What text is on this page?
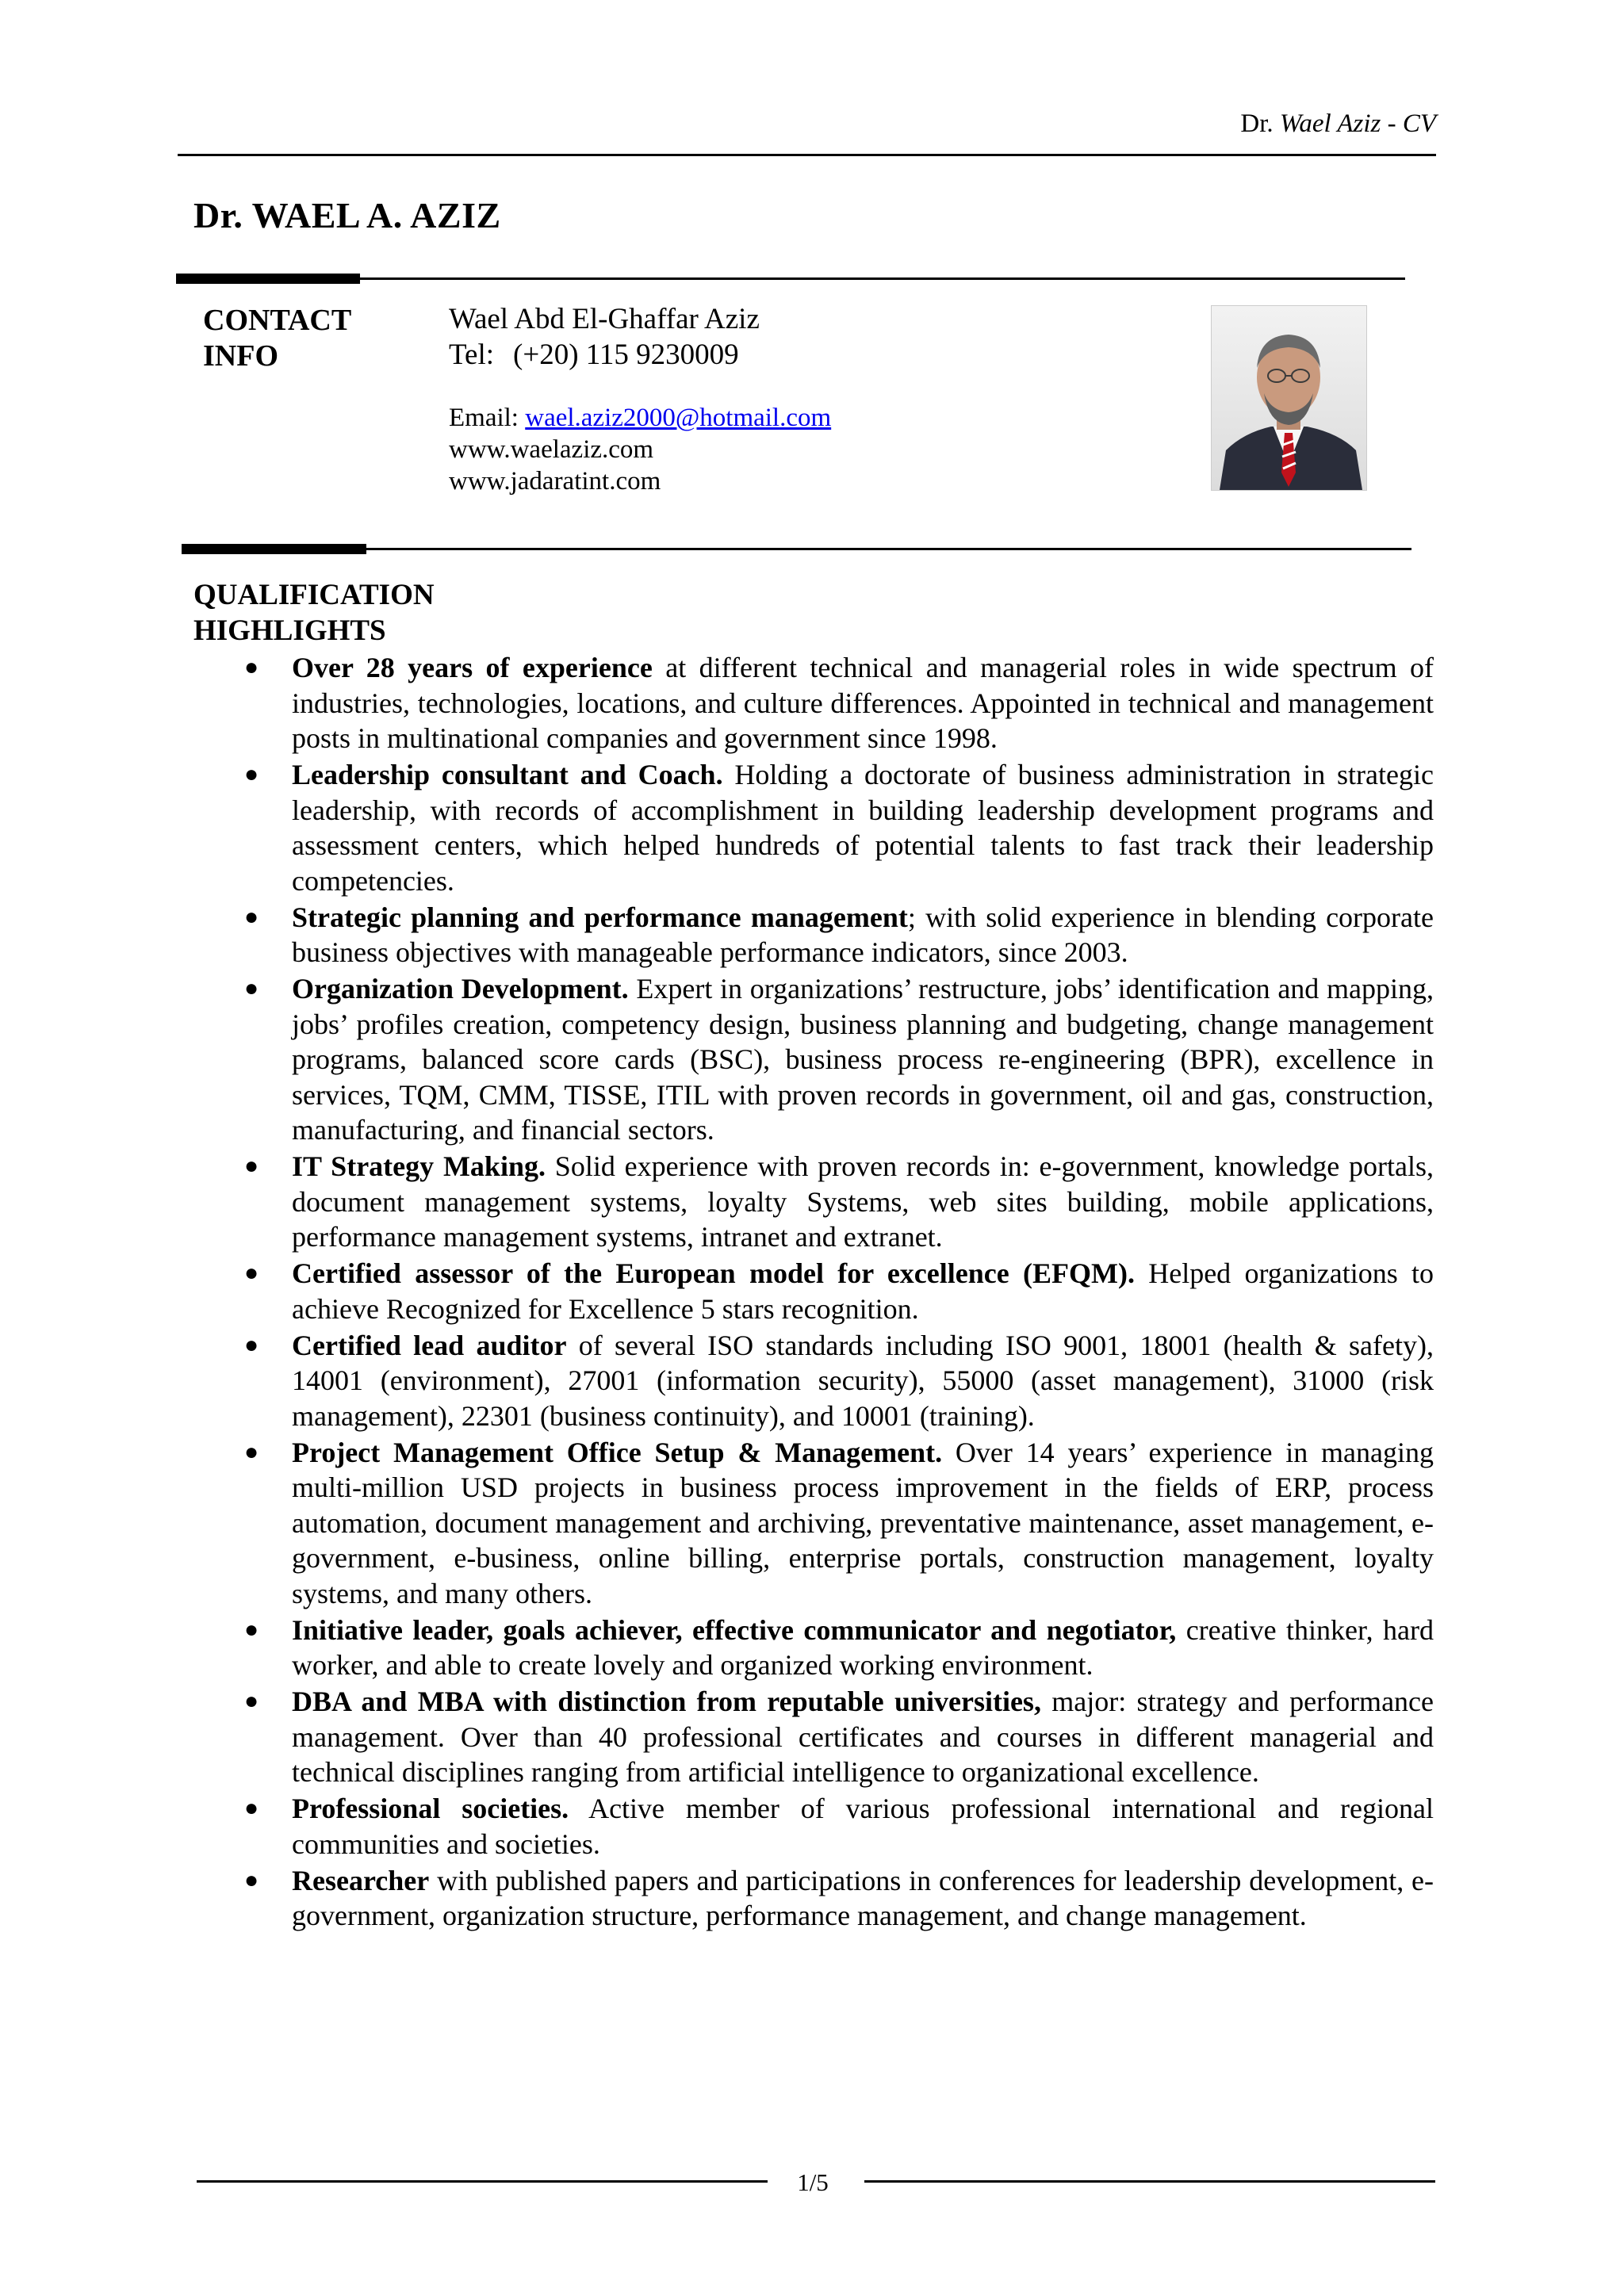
Dr. Wael Aziz - CV
Dr. WAEL A. AZIZ
CONTACT
INFO
Wael Abd El-Ghaffar Aziz
Tel: (+20) 115 9230009
Email: wael.aziz2000@hotmail.com
www.waelaziz.com
www.jadaratint.com
QUALIFICATION
HIGHLIGHTS
● Over 28 years of experience at different technical and managerial roles in wide spectrum of industries, technologies, locations, and culture differences. Appointed in technical and management posts in multinational companies and government since 1998.
● Leadership consultant and Coach. Holding a doctorate of business administration in strategic leadership, with records of accomplishment in building leadership development programs and assessment centers, which helped hundreds of potential talents to fast track their leadership competencies.
● Strategic planning and performance management; with solid experience in blending corporate business objectives with manageable performance indicators, since 2003.
● Organization Development. Expert in organizations’ restructure, jobs’ identification and mapping, jobs’ profiles creation, competency design, business planning and budgeting, change management programs, balanced score cards (BSC), business process re-engineering (BPR), excellence in services, TQM, CMM, TISSE, ITIL with proven records in government, oil and gas, construction, manufacturing, and financial sectors.
● IT Strategy Making. Solid experience with proven records in: e-government, knowledge portals, document management systems, loyalty Systems, web sites building, mobile applications, performance management systems, intranet and extranet.
● Certified assessor of the European model for excellence (EFQM). Helped organizations to achieve Recognized for Excellence 5 stars recognition.
● Certified lead auditor of several ISO standards including ISO 9001, 18001 (health & safety), 14001 (environment), 27001 (information security), 55000 (asset management), 31000 (risk management), 22301 (business continuity), and 10001 (training).
● Project Management Office Setup & Management. Over 14 years’ experience in managing multi-million USD projects in business process improvement in the fields of ERP, process automation, document management and archiving, preventative maintenance, asset management, e-government, e-business, online billing, enterprise portals, construction management, loyalty systems, and many others.
● Initiative leader, goals achiever, effective communicator and negotiator, creative thinker, hard worker, and able to create lovely and organized working environment.
● DBA and MBA with distinction from reputable universities, major: strategy and performance management. Over than 40 professional certificates and courses in different managerial and technical disciplines ranging from artificial intelligence to organizational excellence.
● Professional societies. Active member of various professional international and regional communities and societies.
● Researcher with published papers and participations in conferences for leadership development, e-government, organization structure, performance management, and change management.
1/5
